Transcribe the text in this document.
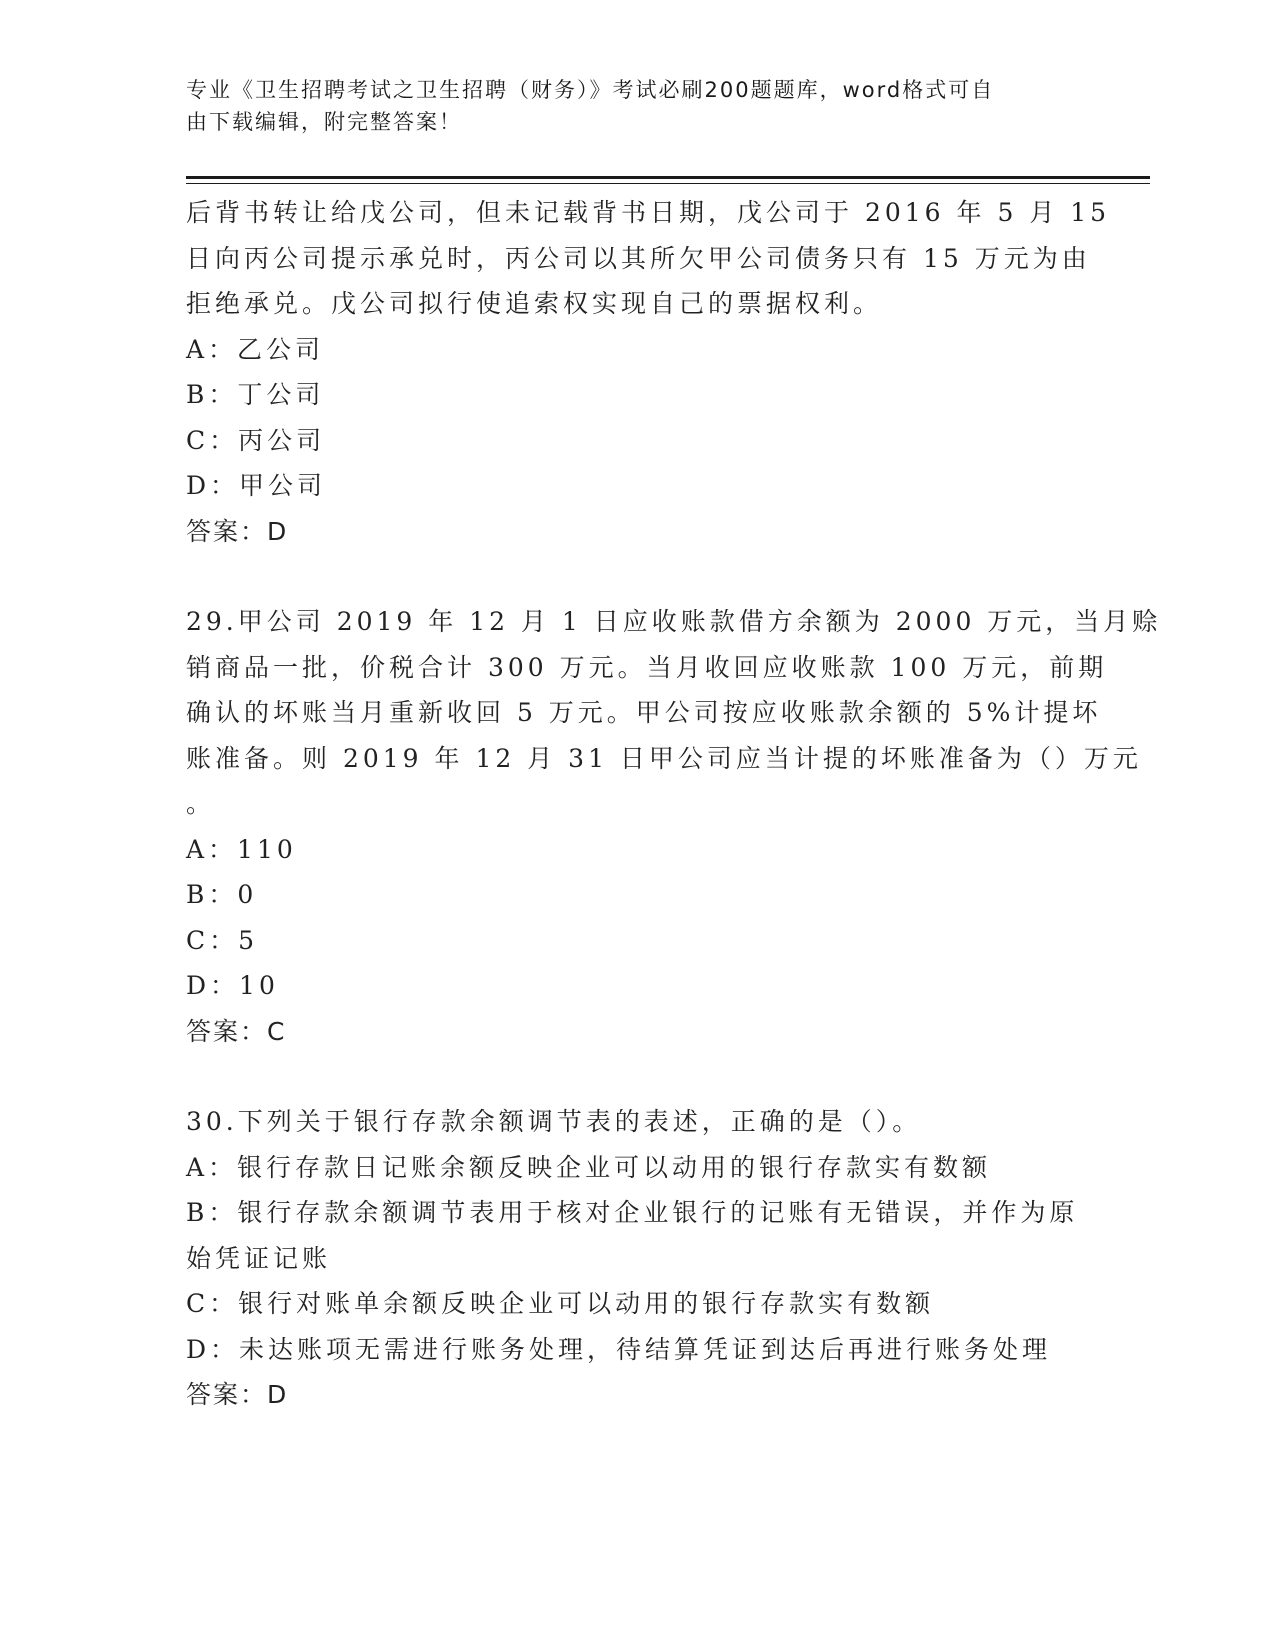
专业《卫生招聘考试之卫生招聘（财务）》考试必刷200题题库，word格式可自
由下载编辑，附完整答案！
后背书转让给戊公司，但未记载背书日期，戊公司于 2016 年 5 月 15
日向丙公司提示承兑时，丙公司以其所欠甲公司债务只有 15 万元为由
拒绝承兑。戊公司拟行使追索权实现自己的票据权利。
A：乙公司
B：丁公司
C：丙公司
D：甲公司
答案：D
29.甲公司 2019 年 12 月 1 日应收账款借方余额为 2000 万元，当月赊
销商品一批，价税合计 300 万元。当月收回应收账款 100 万元，前期
确认的坏账当月重新收回 5 万元。甲公司按应收账款余额的 5%计提坏
账准备。则 2019 年 12 月 31 日甲公司应当计提的坏账准备为（）万元
。
A：110
B：0
C：5
D：10
答案：C
30.下列关于银行存款余额调节表的表述，正确的是（）。
A：银行存款日记账余额反映企业可以动用的银行存款实有数额
B：银行存款余额调节表用于核对企业银行的记账有无错误，并作为原
始凭证记账
C：银行对账单余额反映企业可以动用的银行存款实有数额
D：未达账项无需进行账务处理，待结算凭证到达后再进行账务处理
答案：D
